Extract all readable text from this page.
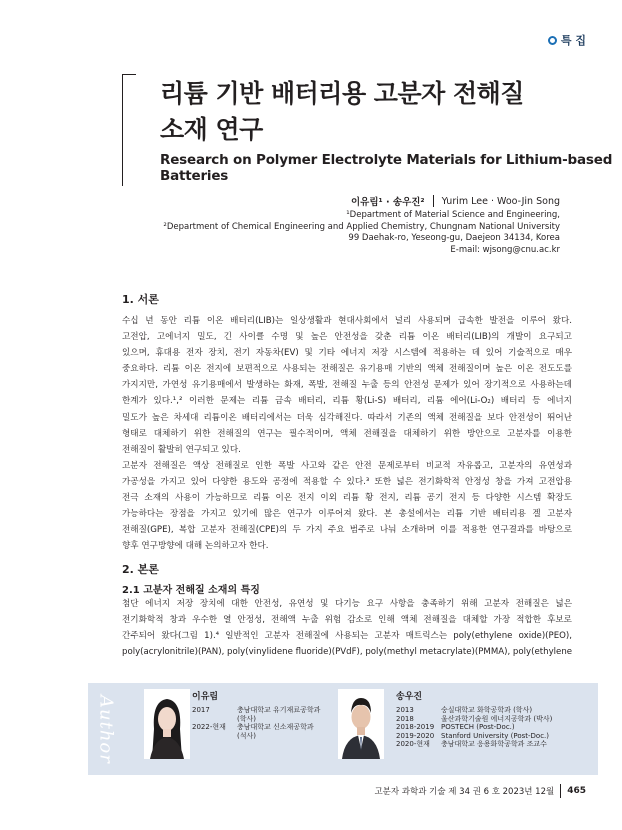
특 집
리튬 기반 배터리용 고분자 전해질
소재 연구
Research on Polymer Electrolyte Materials for Lithium-based Batteries
이유림¹ · 송우진² Yurim Lee · Woo-Jin Song
¹Department of Material Science and Engineering,
²Department of Chemical Engineering and Applied Chemistry, Chungnam National University
99 Daehak-ro, Yeseong-gu, Daejeon 34134, Korea
E-mail: wjsong@cnu.ac.kr
1. 서론
수십 년 동안 리튬 이온 배터리(LIB)는 일상생활과 현대사회에서 널리 사용되며 급속한 발전을 이루어 왔다.
고전압, 고에너지 밀도, 긴 사이클 수명 및 높은 안전성을 갖춘 리튬 이온 배터리(LIB)의 개발이 요구되고
있으며, 휴대용 전자 장치, 전기 자동차(EV) 및 기타 에너지 저장 시스템에 적용하는 데 있어 기술적으로 매우
중요하다. 리튬 이온 전지에 보편적으로 사용되는 전해질은 유기용매 기반의 액체 전해질이며 높은 이온 전도도를
가지지만, 가연성 유기용매에서 발생하는 화재, 폭발, 전해질 누출 등의 안전성 문제가 있어 장기적으로 사용하는데
한계가 있다.¹,² 이러한 문제는 리튬 금속 배터리, 리튬 황(Li-S) 배터리, 리튬 에어(Li-O₂) 배터리 등 에너지
밀도가 높은 차세대 리튬이온 배터리에서는 더욱 심각해진다. 따라서 기존의 액체 전해질을 보다 안전성이 뛰어난
형태로 대체하기 위한 전해질의 연구는 필수적이며, 액체 전해질을 대체하기 위한 방안으로 고분자를 이용한
전해질이 활발히 연구되고 있다.
고분자 전해질은 액상 전해질로 인한 폭발 사고와 같은 안전 문제로부터 비교적 자유롭고, 고분자의 유연성과
가공성을 가지고 있어 다양한 용도와 공정에 적용할 수 있다.³ 또한 넓은 전기화학적 안정성 창을 가져 고전압용
전극 소재의 사용이 가능하므로 리튬 이온 전지 이외 리튬 황 전지, 리튬 공기 전지 등 다양한 시스템 확장도
가능하다는 장점을 가지고 있기에 많은 연구가 이루어져 왔다. 본 총설에서는 리튬 기반 배터리용 겔 고분자
전해질(GPE), 복합 고분자 전해질(CPE)의 두 가지 주요 범주로 나눠 소개하며 이를 적용한 연구결과를 바탕으로
향후 연구방향에 대해 논의하고자 한다.
2. 본론
2.1 고분자 전해질 소재의 특징
첨단 에너지 저장 장치에 대한 안전성, 유연성 및 다기능 요구 사항을 충족하기 위해 고분자 전해질은 넓은
전기화학적 창과 우수한 열 안정성, 전해액 누출 위험 감소로 인해 액체 전해질을 대체할 가장 적합한 후보로
간주되어 왔다(그림 1).⁴ 일반적인 고분자 전해질에 사용되는 고분자 매트릭스는 poly(ethylene oxide)(PEO),
poly(acrylonitrile)(PAN), poly(vinylidene fluoride)(PVdF), poly(methyl metacrylate)(PMMA), poly(ethylene
Author	이유림
2017	충남대학교 유기재료공학과
(학사)
2022-현재	충남대학교 신소재공학과
(석사)
송우진
2013	숭실대학교 화학공학과 (학사)
2018	울산과학기술원 에너지공학과 (박사)
2018-2019 POSTECH (Post-Doc.)
2019-2020 Stanford University (Post-Doc.)
2020-현재	충남대학교 응용화학공학과 조교수
고분자 과학과 기술 제 34 권 6 호 2023년 12월 465
